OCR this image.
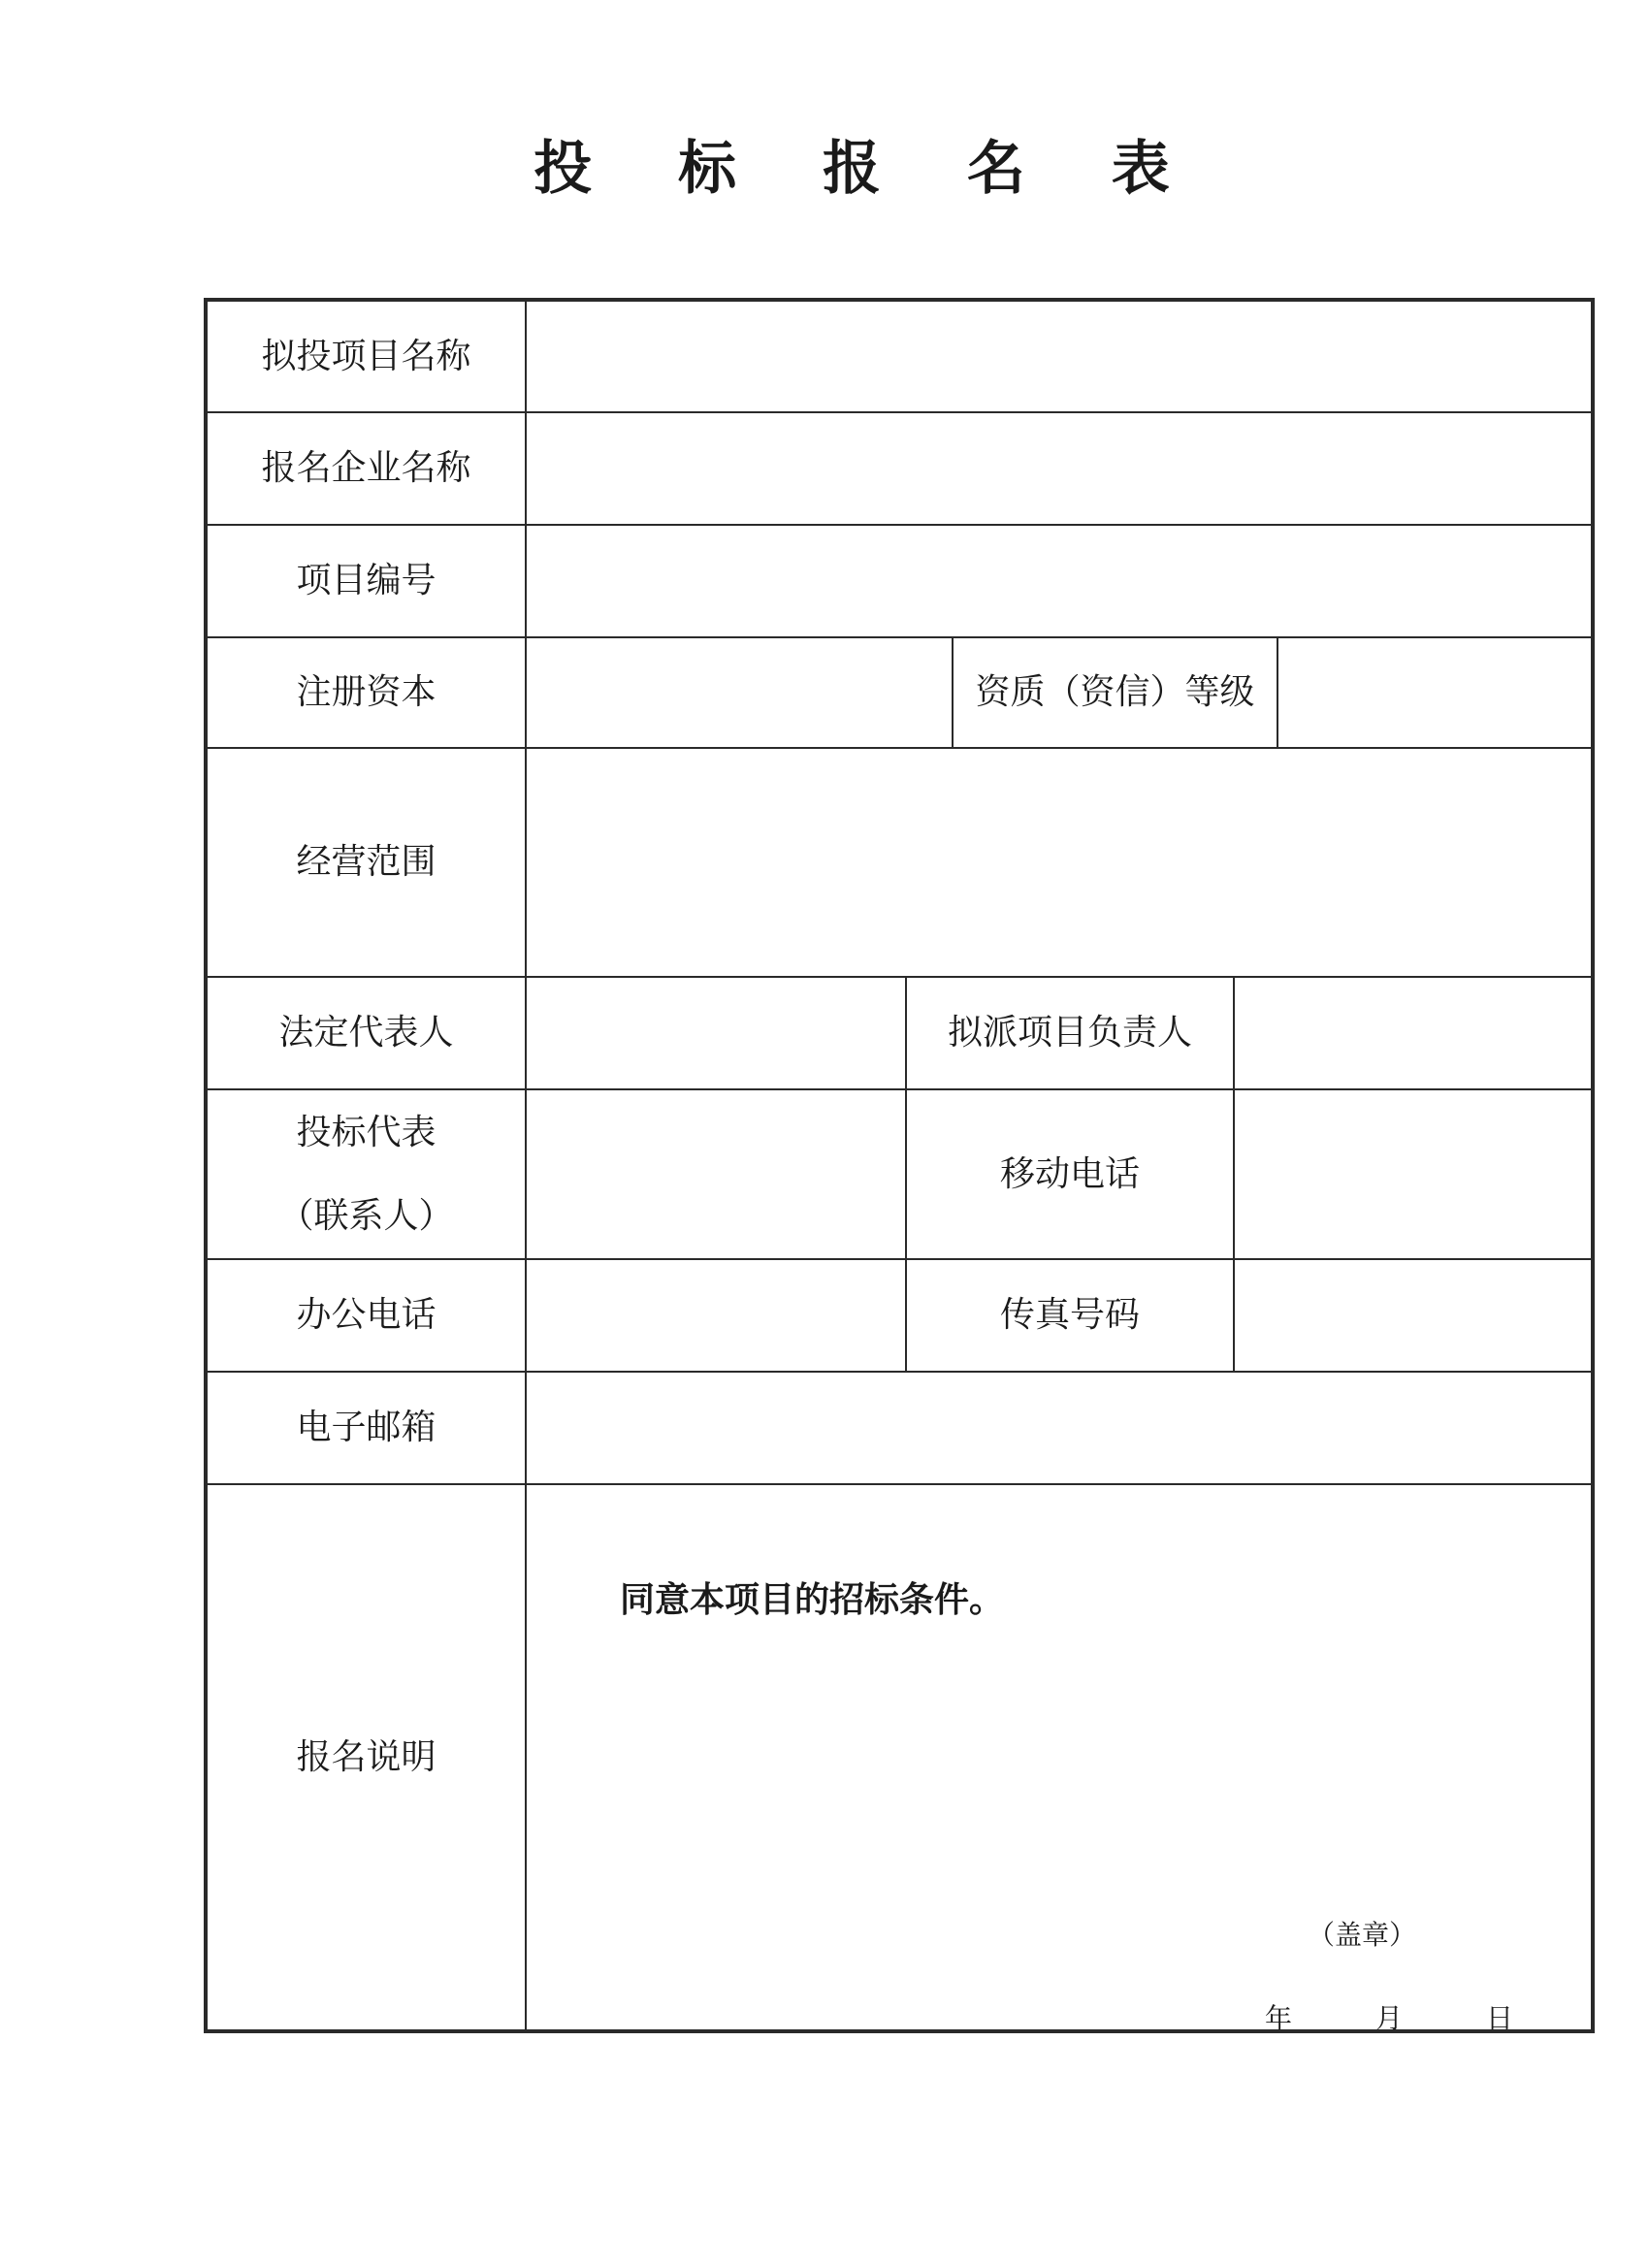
投 标 报 名 表
拟投项目名称					
报名企业名称					
项目编号					
注册资本			资质（资信）等级		
经营范围					
法定代表人		拟派项目负责人			

投标代表
（联系人）		移动电话			
办公电话		传真号码			
电子邮箱					
报名说明	同意本项目的招标条件。
（盖章）
年 月 日				
